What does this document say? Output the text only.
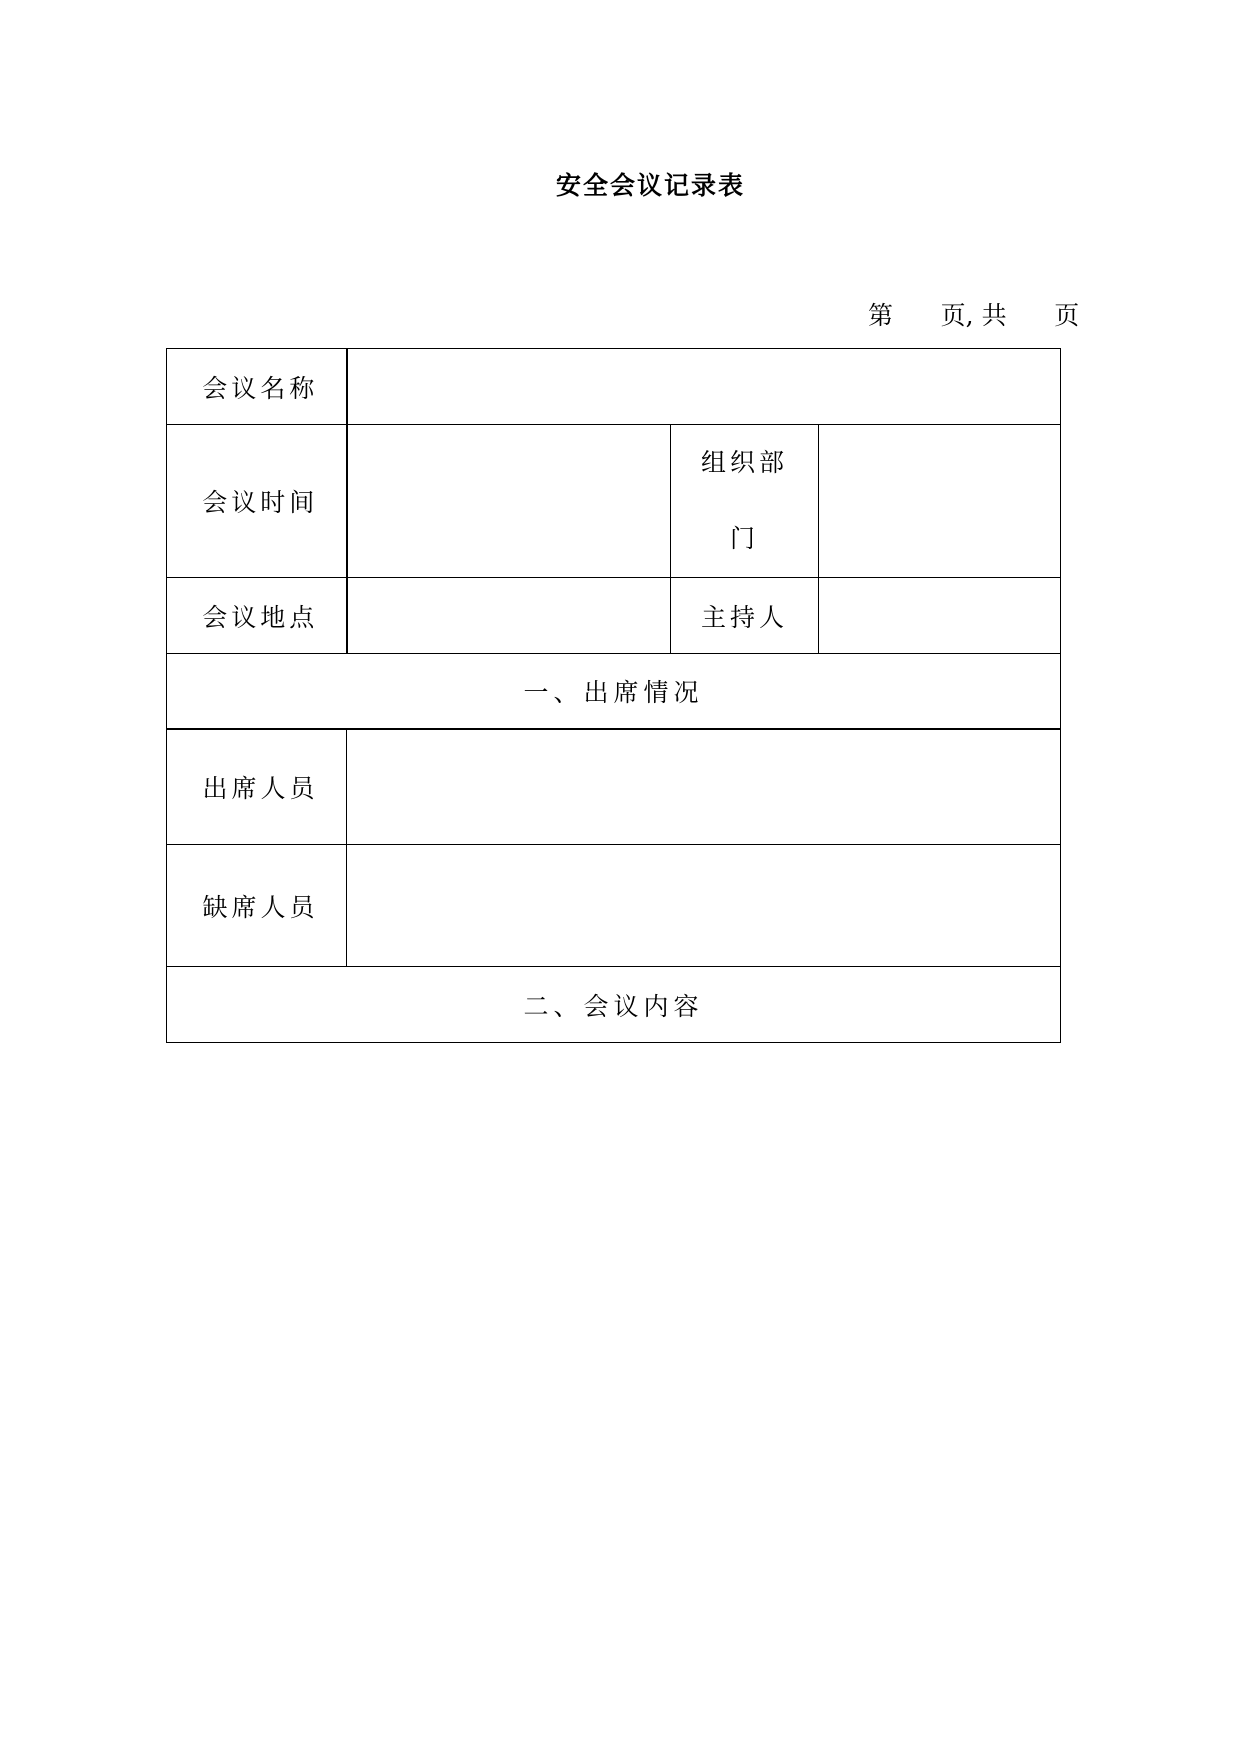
安全会议记录表
第      页, 共      页
会议名称			
会议时间		组织部
门	

会议地点		主持人	
一、出席情况			
出席人员			
缺席人员			
二、会议内容			
